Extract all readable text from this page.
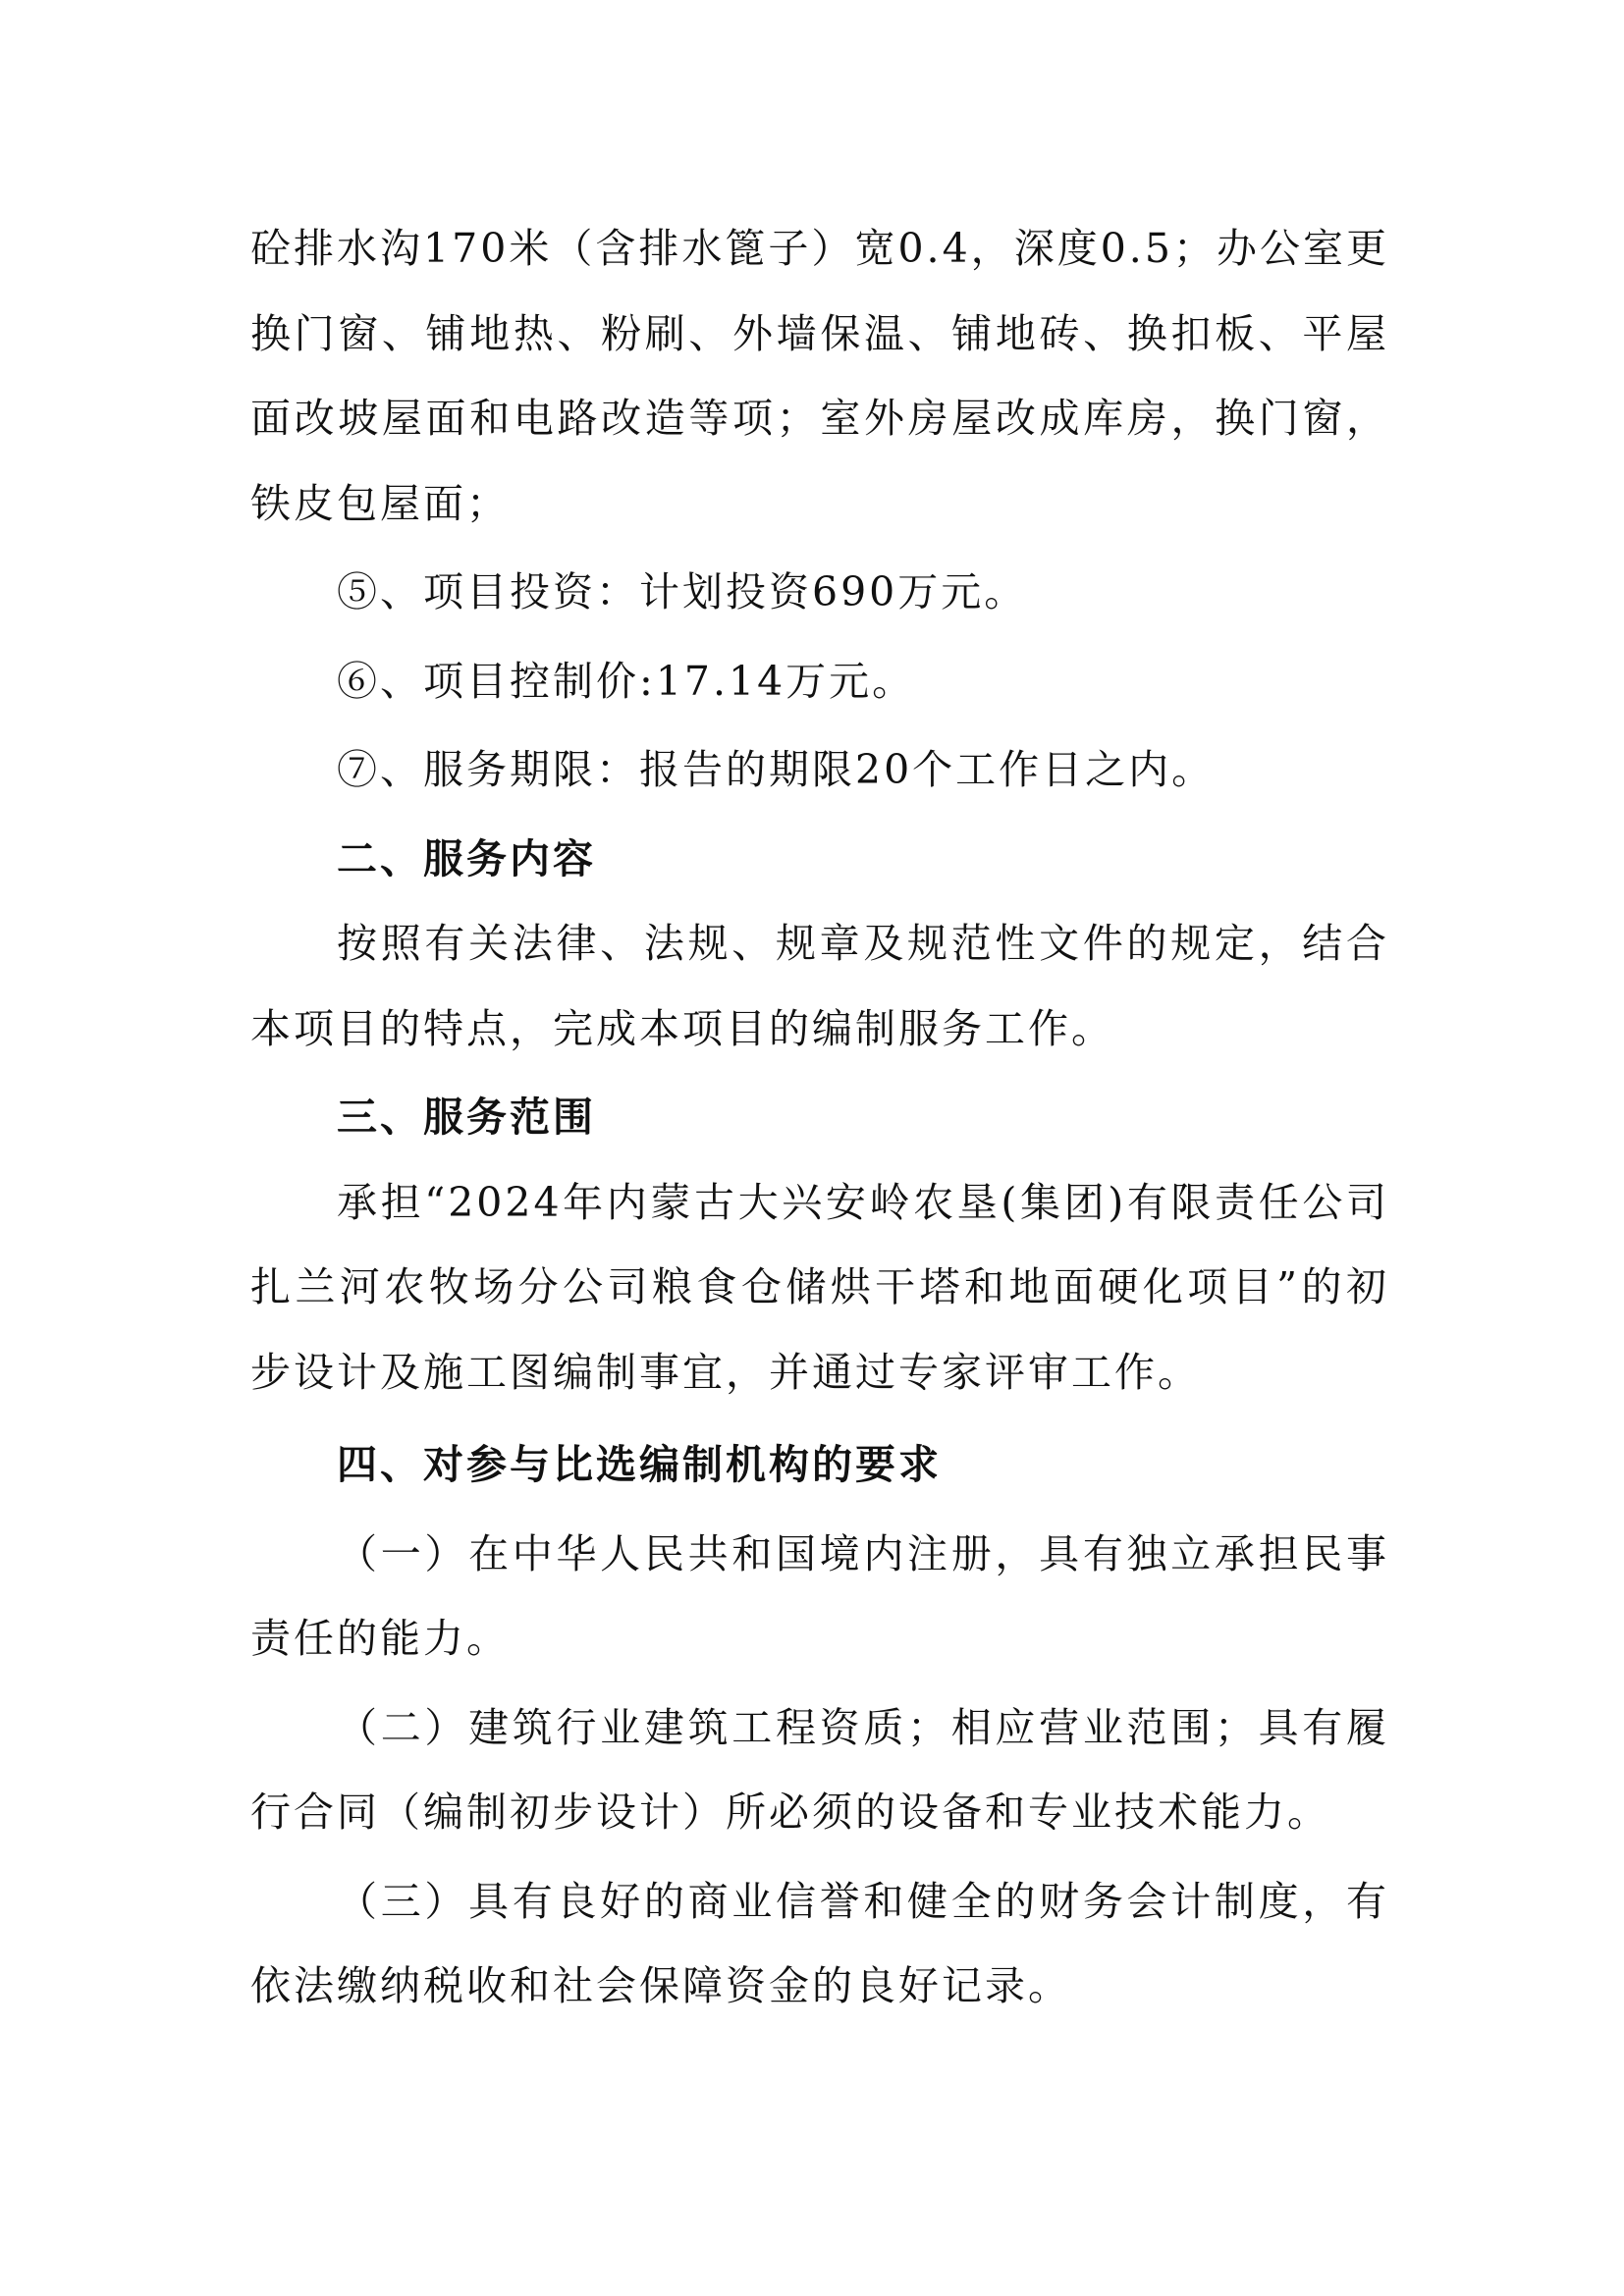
砼排水沟170米（含排水篦子）宽0.4，深度0.5；办公室更换门窗、铺地热、粉刷、外墙保温、铺地砖、换扣板、平屋面改坡屋面和电路改造等项；室外房屋改成库房，换门窗，铁皮包屋面；

⑤、项目投资：计划投资690万元。

⑥、项目控制价:17.14万元。

⑦、服务期限：报告的期限20个工作日之内。

二、服务内容

按照有关法律、法规、规章及规范性文件的规定，结合本项目的特点，完成本项目的编制服务工作。

三、服务范围

承担“2024年内蒙古大兴安岭农垦(集团)有限责任公司扎兰河农牧场分公司粮食仓储烘干塔和地面硬化项目”的初步设计及施工图编制事宜，并通过专家评审工作。

四、对参与比选编制机构的要求

（一）在中华人民共和国境内注册，具有独立承担民事责任的能力。

（二）建筑行业建筑工程资质；相应营业范围；具有履行合同（编制初步设计）所必须的设备和专业技术能力。

（三）具有良好的商业信誉和健全的财务会计制度，有依法缴纳税收和社会保障资金的良好记录。
